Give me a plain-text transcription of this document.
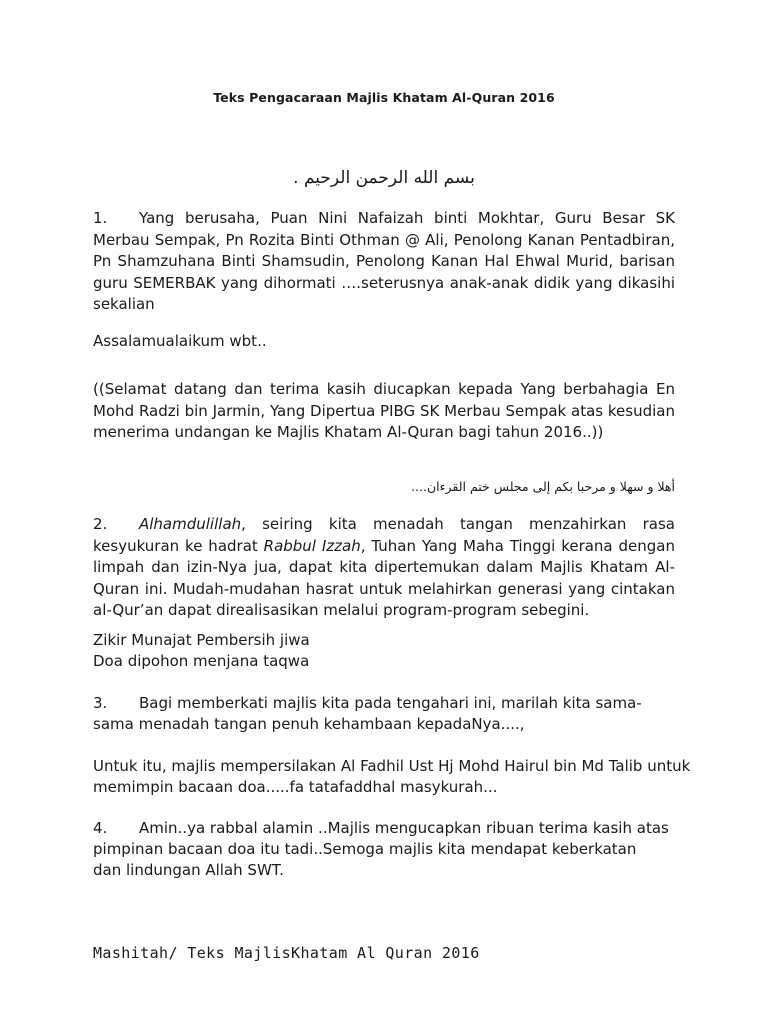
Teks Pengacaraan Majlis Khatam Al-Quran 2016
بسم الله الرحمن الرحيم .
1. Yang berusaha, Puan Nini Nafaizah binti Mokhtar, Guru Besar SK Merbau Sempak, Pn Rozita Binti Othman @ Ali, Penolong Kanan Pentadbiran, Pn Shamzuhana Binti Shamsudin, Penolong Kanan Hal Ehwal Murid, barisan guru SEMERBAK yang dihormati ….seterusnya anak-anak didik yang dikasihi sekalian
Assalamualaikum wbt..
((Selamat datang dan terima kasih diucapkan kepada Yang berbahagia En Mohd Radzi bin Jarmin, Yang Dipertua PIBG SK Merbau Sempak atas kesudian menerima undangan ke Majlis Khatam Al-Quran bagi tahun 2016..))
أهلا و سهلا و مرحبا بكم إلى مجلس ختم القرءان....
2. Alhamdulillah, seiring kita menadah tangan menzahirkan rasa kesyukuran ke hadrat Rabbul Izzah, Tuhan Yang Maha Tinggi kerana dengan limpah dan izin-Nya jua, dapat kita dipertemukan dalam Majlis Khatam Al-Quran ini. Mudah-mudahan hasrat untuk melahirkan generasi yang cintakan al-Qur’an dapat direalisasikan melalui program-program sebegini.
Zikir Munajat Pembersih jiwa
Doa dipohon menjana taqwa
3. Bagi memberkati majlis kita pada tengahari ini, marilah kita sama-
sama menadah tangan penuh kehambaan kepadaNya....,
Untuk itu, majlis mempersilakan Al Fadhil Ust Hj Mohd Hairul bin Md Talib untuk
memimpin bacaan doa.....fa tatafaddhal masykurah...
4. Amin..ya rabbal alamin ..Majlis mengucapkan ribuan terima kasih atas
pimpinan bacaan doa itu tadi..Semoga majlis kita mendapat keberkatan
dan lindungan Allah SWT.
Mashitah/ Teks MajlisKhatam Al Quran 2016
